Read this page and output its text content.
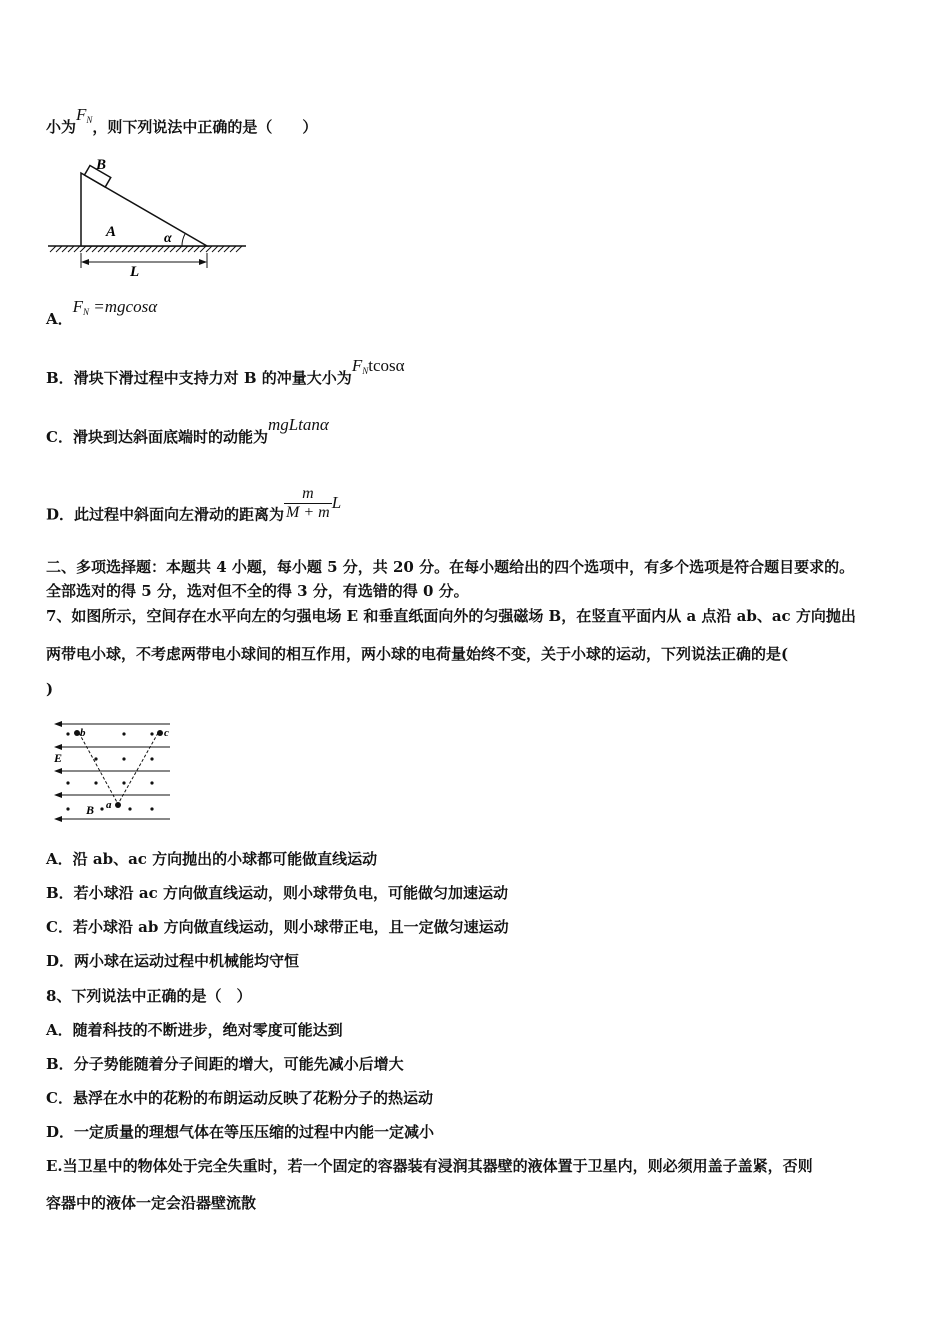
小为$F_N$，则下列说法中正确的是（　　）
B
A	α
L
A．$F_N =mgcos\alpha$
B．滑块下滑过程中支持力对 B 的冲量大小为$F_Ntcos\alpha$
C．滑块到达斜面底端时的动能为mgLtanα
D．此过程中斜面向左滑动的距离为 $\frac{m}{M + m}$ L
二、多项选择题：本题共 4 小题，每小题 5 分，共 20 分。在每小题给出的四个选项中，有多个选项是符合题目要求的。
全部选对的得 5 分，选对但不全的得 3 分，有选错的得 0 分。
7、如图所示，空间存在水平向左的匀强电场 E 和垂直纸面向外的匀强磁场 B，在竖直平面内从 a 点沿 ab、ac 方向抛出
两带电小球，不考虑两带电小球间的相互作用，两小球的电荷量始终不变，关于小球的运动，下列说法正确的是(
)
b	c
E
B a
A．沿 ab、ac 方向抛出的小球都可能做直线运动
B．若小球沿 ac 方向做直线运动，则小球带负电，可能做匀加速运动
C．若小球沿 ab 方向做直线运动，则小球带正电，且一定做匀速运动
D．两小球在运动过程中机械能均守恒
8、下列说法中正确的是（　）
A．随着科技的不断进步，绝对零度可能达到
B．分子势能随着分子间距的增大，可能先减小后增大
C．悬浮在水中的花粉的布朗运动反映了花粉分子的热运动
D．一定质量的理想气体在等压压缩的过程中内能一定减小
E.当卫星中的物体处于完全失重时，若一个固定的容器装有浸润其器壁的液体置于卫星内，则必须用盖子盖紧，否则
容器中的液体一定会沿器壁流散
